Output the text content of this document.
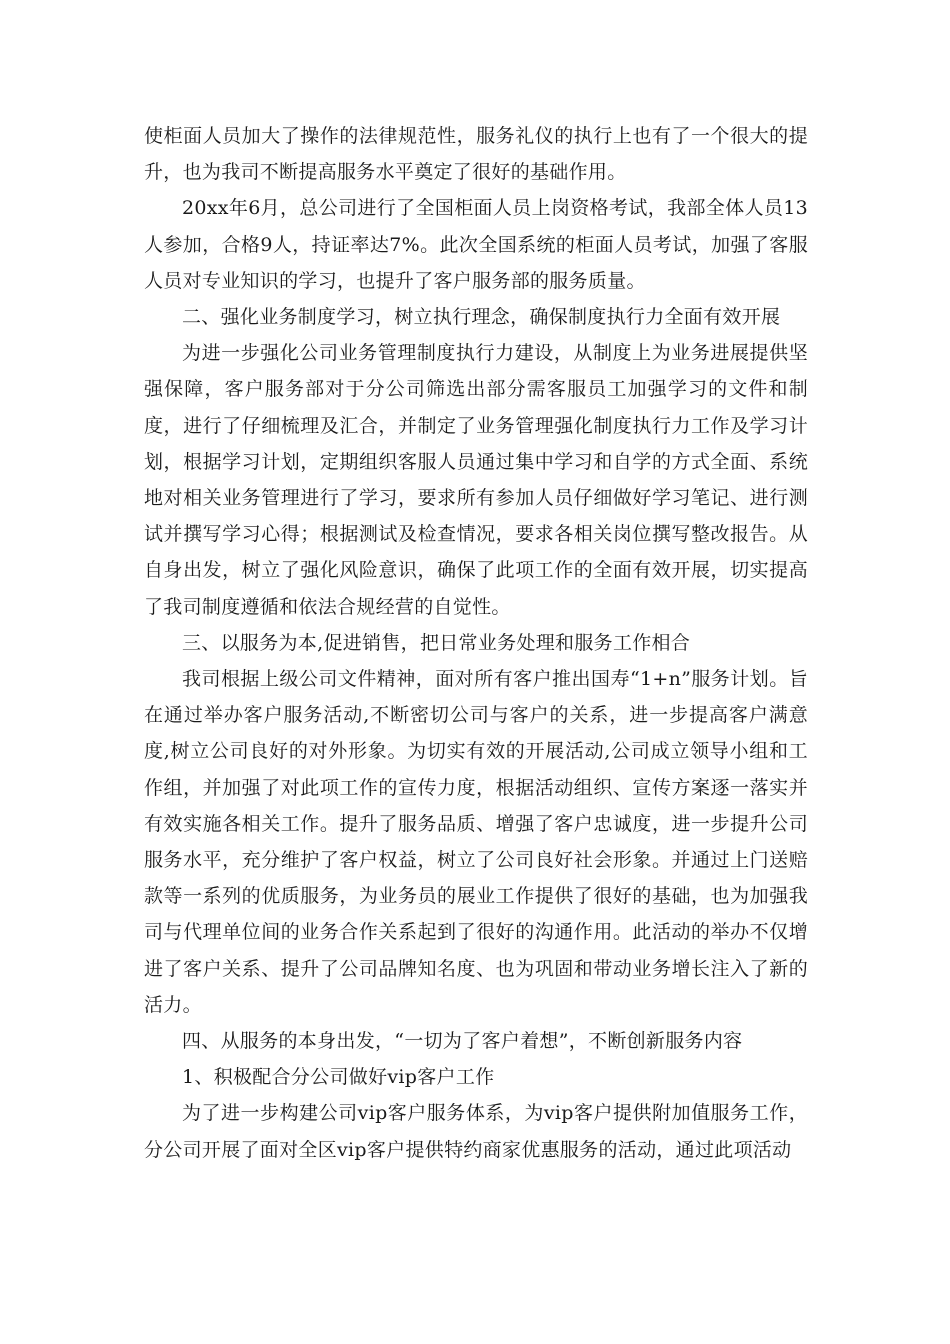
使柜面人员加大了操作的法律规范性，服务礼仪的执行上也有了一个很大的提升，也为我司不断提高服务水平奠定了很好的基础作用。

20xx年6月，总公司进行了全国柜面人员上岗资格考试，我部全体人员13人参加，合格9人，持证率达7%。此次全国系统的柜面人员考试，加强了客服人员对专业知识的学习，也提升了客户服务部的服务质量。

二、强化业务制度学习，树立执行理念，确保制度执行力全面有效开展

为进一步强化公司业务管理制度执行力建设，从制度上为业务进展提供坚强保障，客户服务部对于分公司筛选出部分需客服员工加强学习的文件和制度，进行了仔细梳理及汇合，并制定了业务管理强化制度执行力工作及学习计划，根据学习计划，定期组织客服人员通过集中学习和自学的方式全面、系统地对相关业务管理进行了学习，要求所有参加人员仔细做好学习笔记、进行测试并撰写学习心得；根据测试及检查情况，要求各相关岗位撰写整改报告。从自身出发，树立了强化风险意识，确保了此项工作的全面有效开展，切实提高了我司制度遵循和依法合规经营的自觉性。

三、以服务为本,促进销售，把日常业务处理和服务工作相合

我司根据上级公司文件精神，面对所有客户推出国寿“1+n”服务计划。旨在通过举办客户服务活动,不断密切公司与客户的关系，进一步提高客户满意度,树立公司良好的对外形象。为切实有效的开展活动,公司成立领导小组和工作组，并加强了对此项工作的宣传力度，根据活动组织、宣传方案逐一落实并有效实施各相关工作。提升了服务品质、增强了客户忠诚度，进一步提升公司服务水平，充分维护了客户权益，树立了公司良好社会形象。并通过上门送赔款等一系列的优质服务，为业务员的展业工作提供了很好的基础，也为加强我司与代理单位间的业务合作关系起到了很好的沟通作用。此活动的举办不仅增进了客户关系、提升了公司品牌知名度、也为巩固和带动业务增长注入了新的活力。

四、从服务的本身出发，“一切为了客户着想”，不断创新服务内容

1、积极配合分公司做好vip客户工作

为了进一步构建公司vip客户服务体系，为vip客户提供附加值服务工作，分公司开展了面对全区vip客户提供特约商家优惠服务的活动，通过此项活动
